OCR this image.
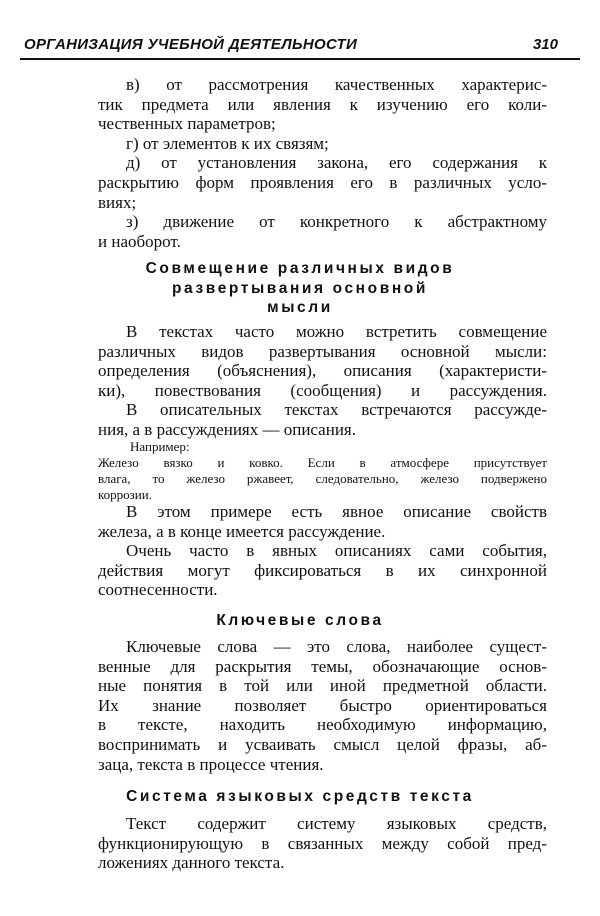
ОРГАНИЗАЦИЯ УЧЕБНОЙ ДЕЯТЕЛЬНОСТИ	310
в) от рассмотрения качественных характерис-
тик предмета или явления к изучению его коли-
чественных параметров;
г) от элементов к их связям;
д) от установления закона, его содержания к
раскрытию форм проявления его в различных усло-
виях;
з) движение от конкретного к абстрактному
и наоборот.
Совмещение различных видов
развертывания основной
мысли
В текстах часто можно встретить совмещение
различных видов развертывания основной мысли:
определения (объяснения), описания (характеристи-
ки), повествования (сообщения) и рассуждения.
В описательных текстах встречаются рассужде-
ния, а в рассуждениях — описания.
Например:
Железо вязко и ковко. Если в атмосфере присутствует
влага, то железо ржавеет, следовательно, железо подвержено
коррозии.
В этом примере есть явное описание свойств
железа, а в конце имеется рассуждение.
Очень часто в явных описаниях сами события,
действия могут фиксироваться в их синхронной
соотнесенности.
Ключевые слова
Ключевые слова — это слова, наиболее сущест-
венные для раскрытия темы, обозначающие основ-
ные понятия в той или иной предметной области.
Их знание позволяет быстро ориентироваться
в тексте, находить необходимую информацию,
воспринимать и усваивать смысл целой фразы, аб-
заца, текста в процессе чтения.
Система языковых средств текста
Текст содержит систему языковых средств,
функционирующую в связанных между собой пред-
ложениях данного текста.
